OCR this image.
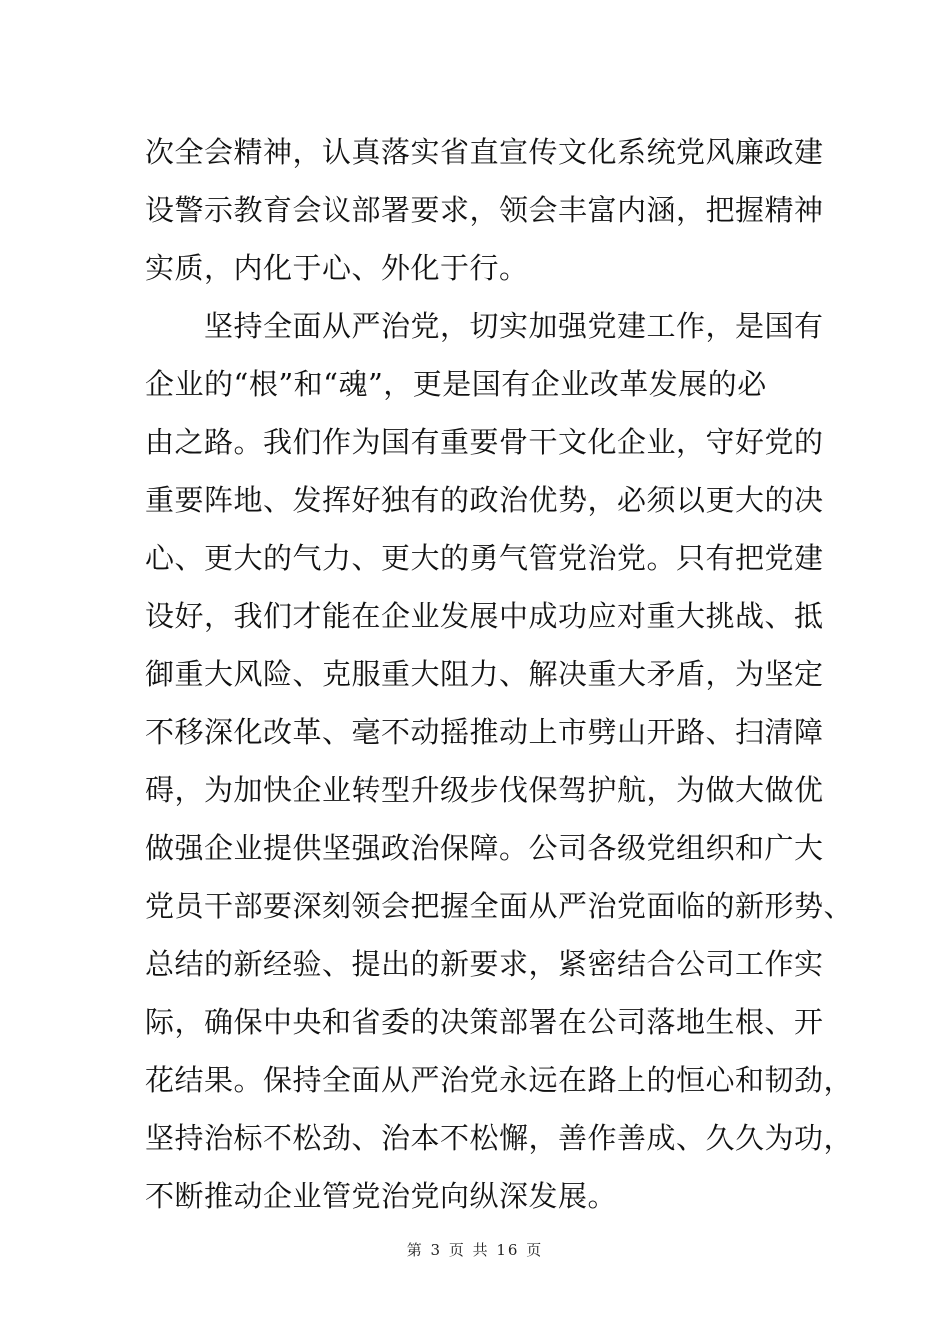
次全会精神，认真落实省直宣传文化系统党风廉政建
设警示教育会议部署要求，领会丰富内涵，把握精神
实质，内化于心、外化于行。
　　坚持全面从严治党，切实加强党建工作，是国有
企业的“根”和“魂”，更是国有企业改革发展的必
由之路。我们作为国有重要骨干文化企业，守好党的
重要阵地、发挥好独有的政治优势，必须以更大的决
心、更大的气力、更大的勇气管党治党。只有把党建
设好，我们才能在企业发展中成功应对重大挑战、抵
御重大风险、克服重大阻力、解决重大矛盾，为坚定
不移深化改革、毫不动摇推动上市劈山开路、扫清障
碍，为加快企业转型升级步伐保驾护航，为做大做优
做强企业提供坚强政治保障。公司各级党组织和广大
党员干部要深刻领会把握全面从严治党面临的新形势、
总结的新经验、提出的新要求，紧密结合公司工作实
际，确保中央和省委的决策部署在公司落地生根、开
花结果。保持全面从严治党永远在路上的恒心和韧劲，
坚持治标不松劲、治本不松懈，善作善成、久久为功，
不断推动企业管党治党向纵深发展。
第 3 页 共 16 页
